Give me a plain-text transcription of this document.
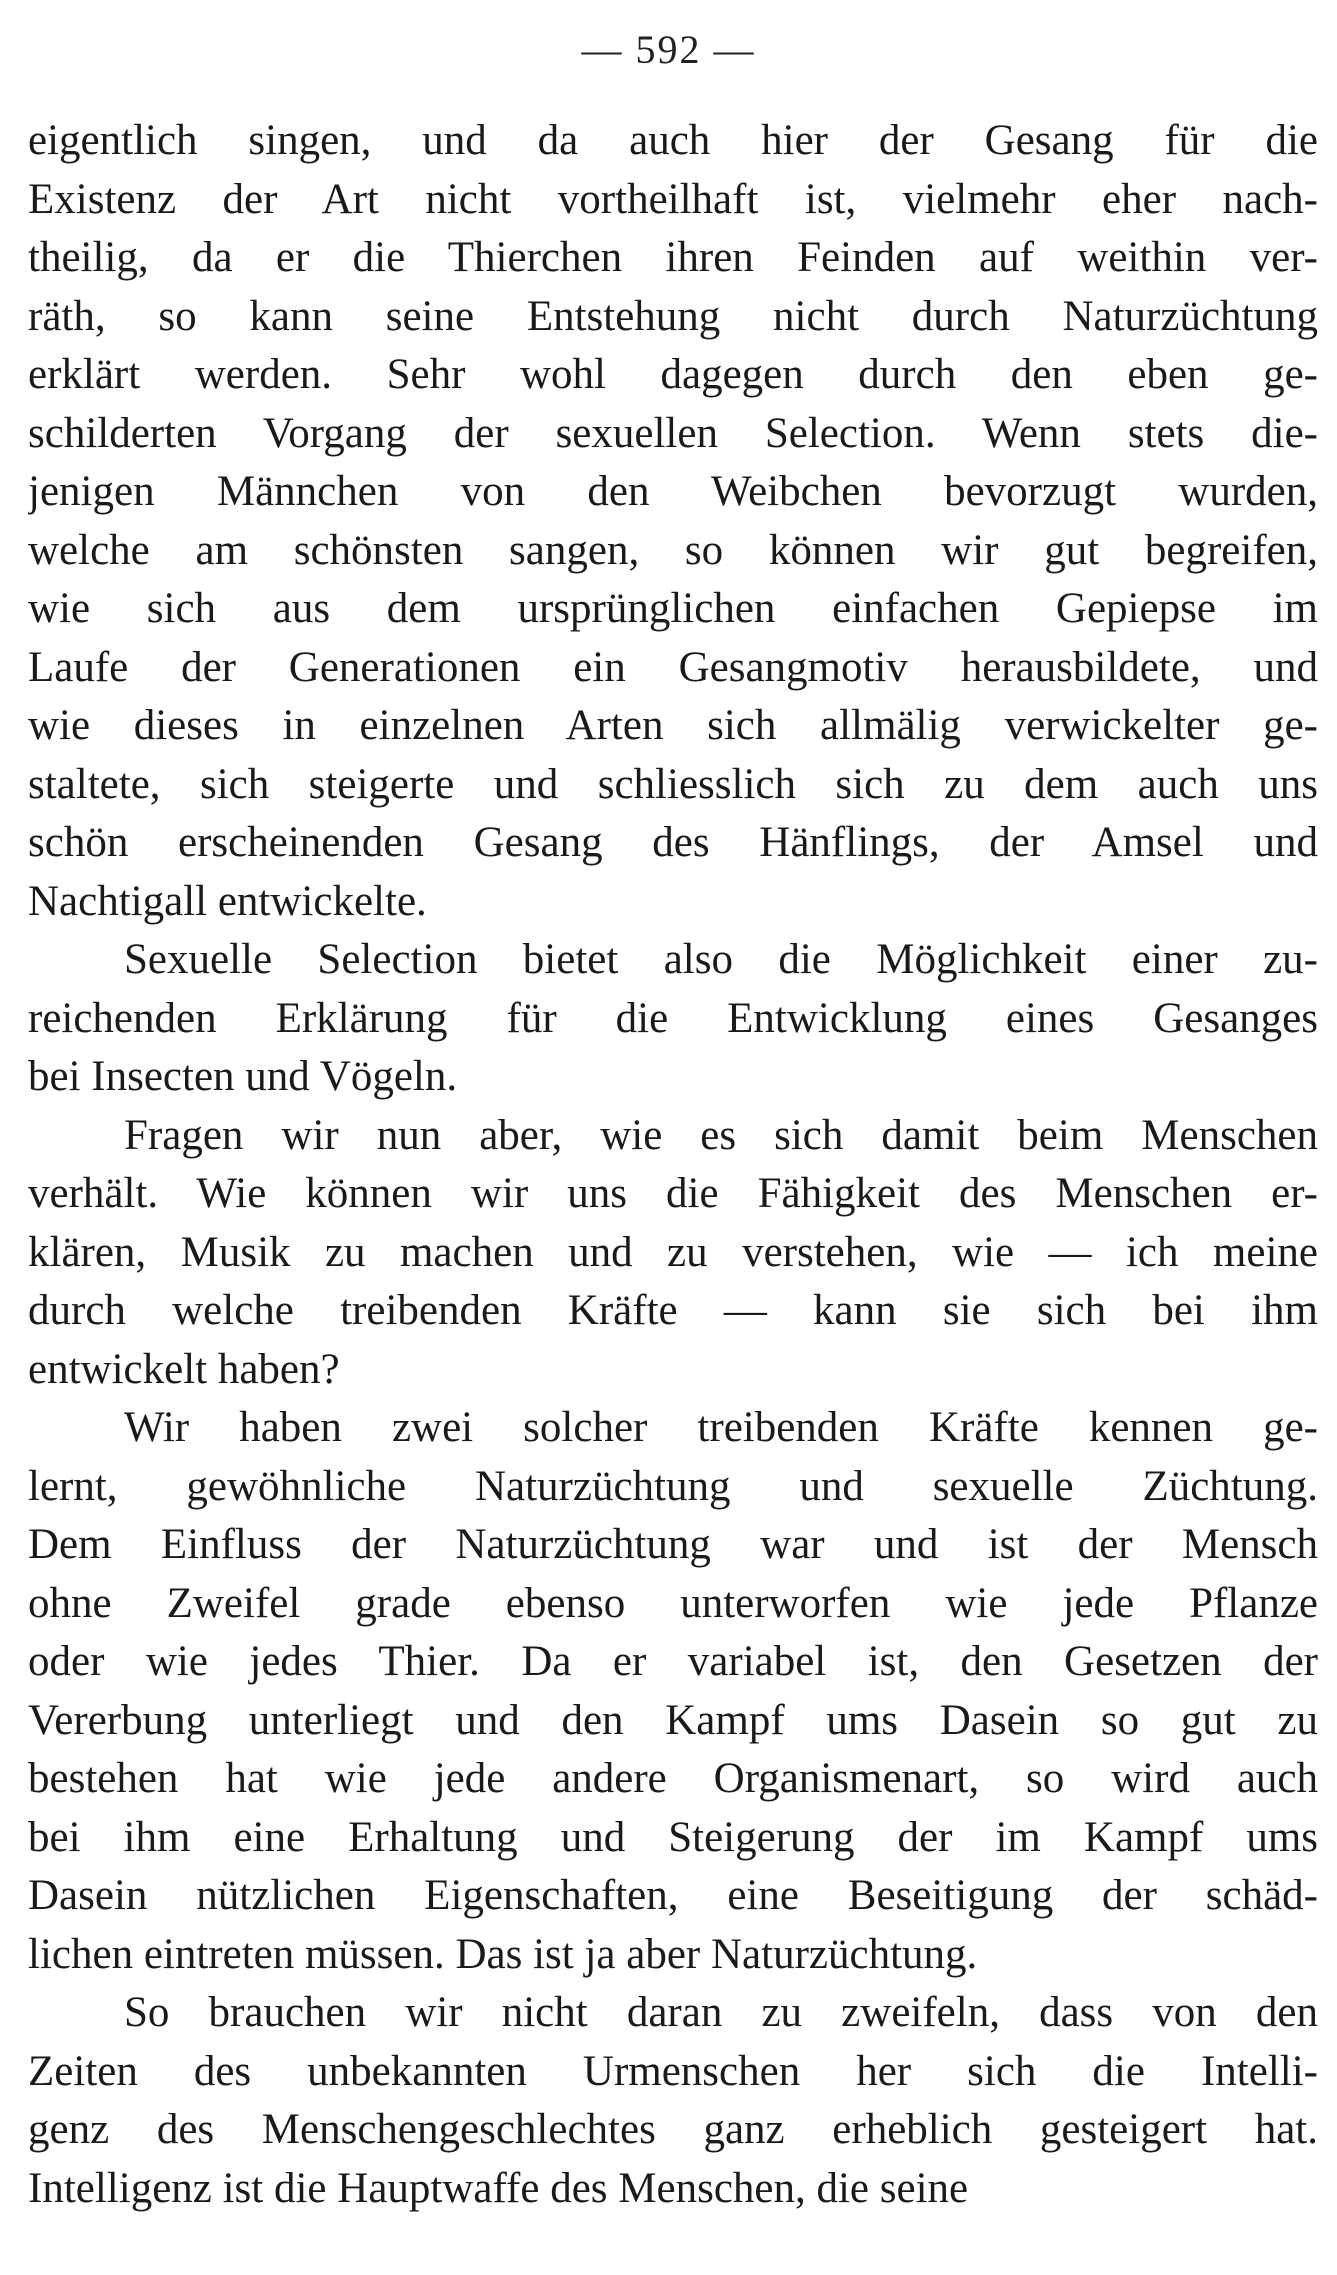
— 592 —
eigentlich singen, und da auch hier der Gesang für die
Existenz der Art nicht vortheilhaft ist, vielmehr eher nach-
theilig, da er die Thierchen ihren Feinden auf weithin ver-
räth, so kann seine Entstehung nicht durch Naturzüchtung
erklärt werden. Sehr wohl dagegen durch den eben ge-
schilderten Vorgang der sexuellen Selection. Wenn stets die-
jenigen Männchen von den Weibchen bevorzugt wurden,
welche am schönsten sangen, so können wir gut begreifen,
wie sich aus dem ursprünglichen einfachen Gepiepse im
Laufe der Generationen ein Gesangmotiv herausbildete, und
wie dieses in einzelnen Arten sich allmälig verwickelter ge-
staltete, sich steigerte und schliesslich sich zu dem auch uns
schön erscheinenden Gesang des Hänflings, der Amsel und
Nachtigall entwickelte.
Sexuelle Selection bietet also die Möglichkeit einer zu-
reichenden Erklärung für die Entwicklung eines Gesanges
bei Insecten und Vögeln.
Fragen wir nun aber, wie es sich damit beim Menschen
verhält. Wie können wir uns die Fähigkeit des Menschen er-
klären, Musik zu machen und zu verstehen, wie — ich meine
durch welche treibenden Kräfte — kann sie sich bei ihm
entwickelt haben?
Wir haben zwei solcher treibenden Kräfte kennen ge-
lernt, gewöhnliche Naturzüchtung und sexuelle Züchtung.
Dem Einfluss der Naturzüchtung war und ist der Mensch
ohne Zweifel grade ebenso unterworfen wie jede Pflanze
oder wie jedes Thier. Da er variabel ist, den Gesetzen der
Vererbung unterliegt und den Kampf ums Dasein so gut zu
bestehen hat wie jede andere Organismenart, so wird auch
bei ihm eine Erhaltung und Steigerung der im Kampf ums
Dasein nützlichen Eigenschaften, eine Beseitigung der schäd-
lichen eintreten müssen. Das ist ja aber Naturzüchtung.
So brauchen wir nicht daran zu zweifeln, dass von den
Zeiten des unbekannten Urmenschen her sich die Intelli-
genz des Menschengeschlechtes ganz erheblich gesteigert hat.
Intelligenz ist die Hauptwaffe des Menschen, die seine
